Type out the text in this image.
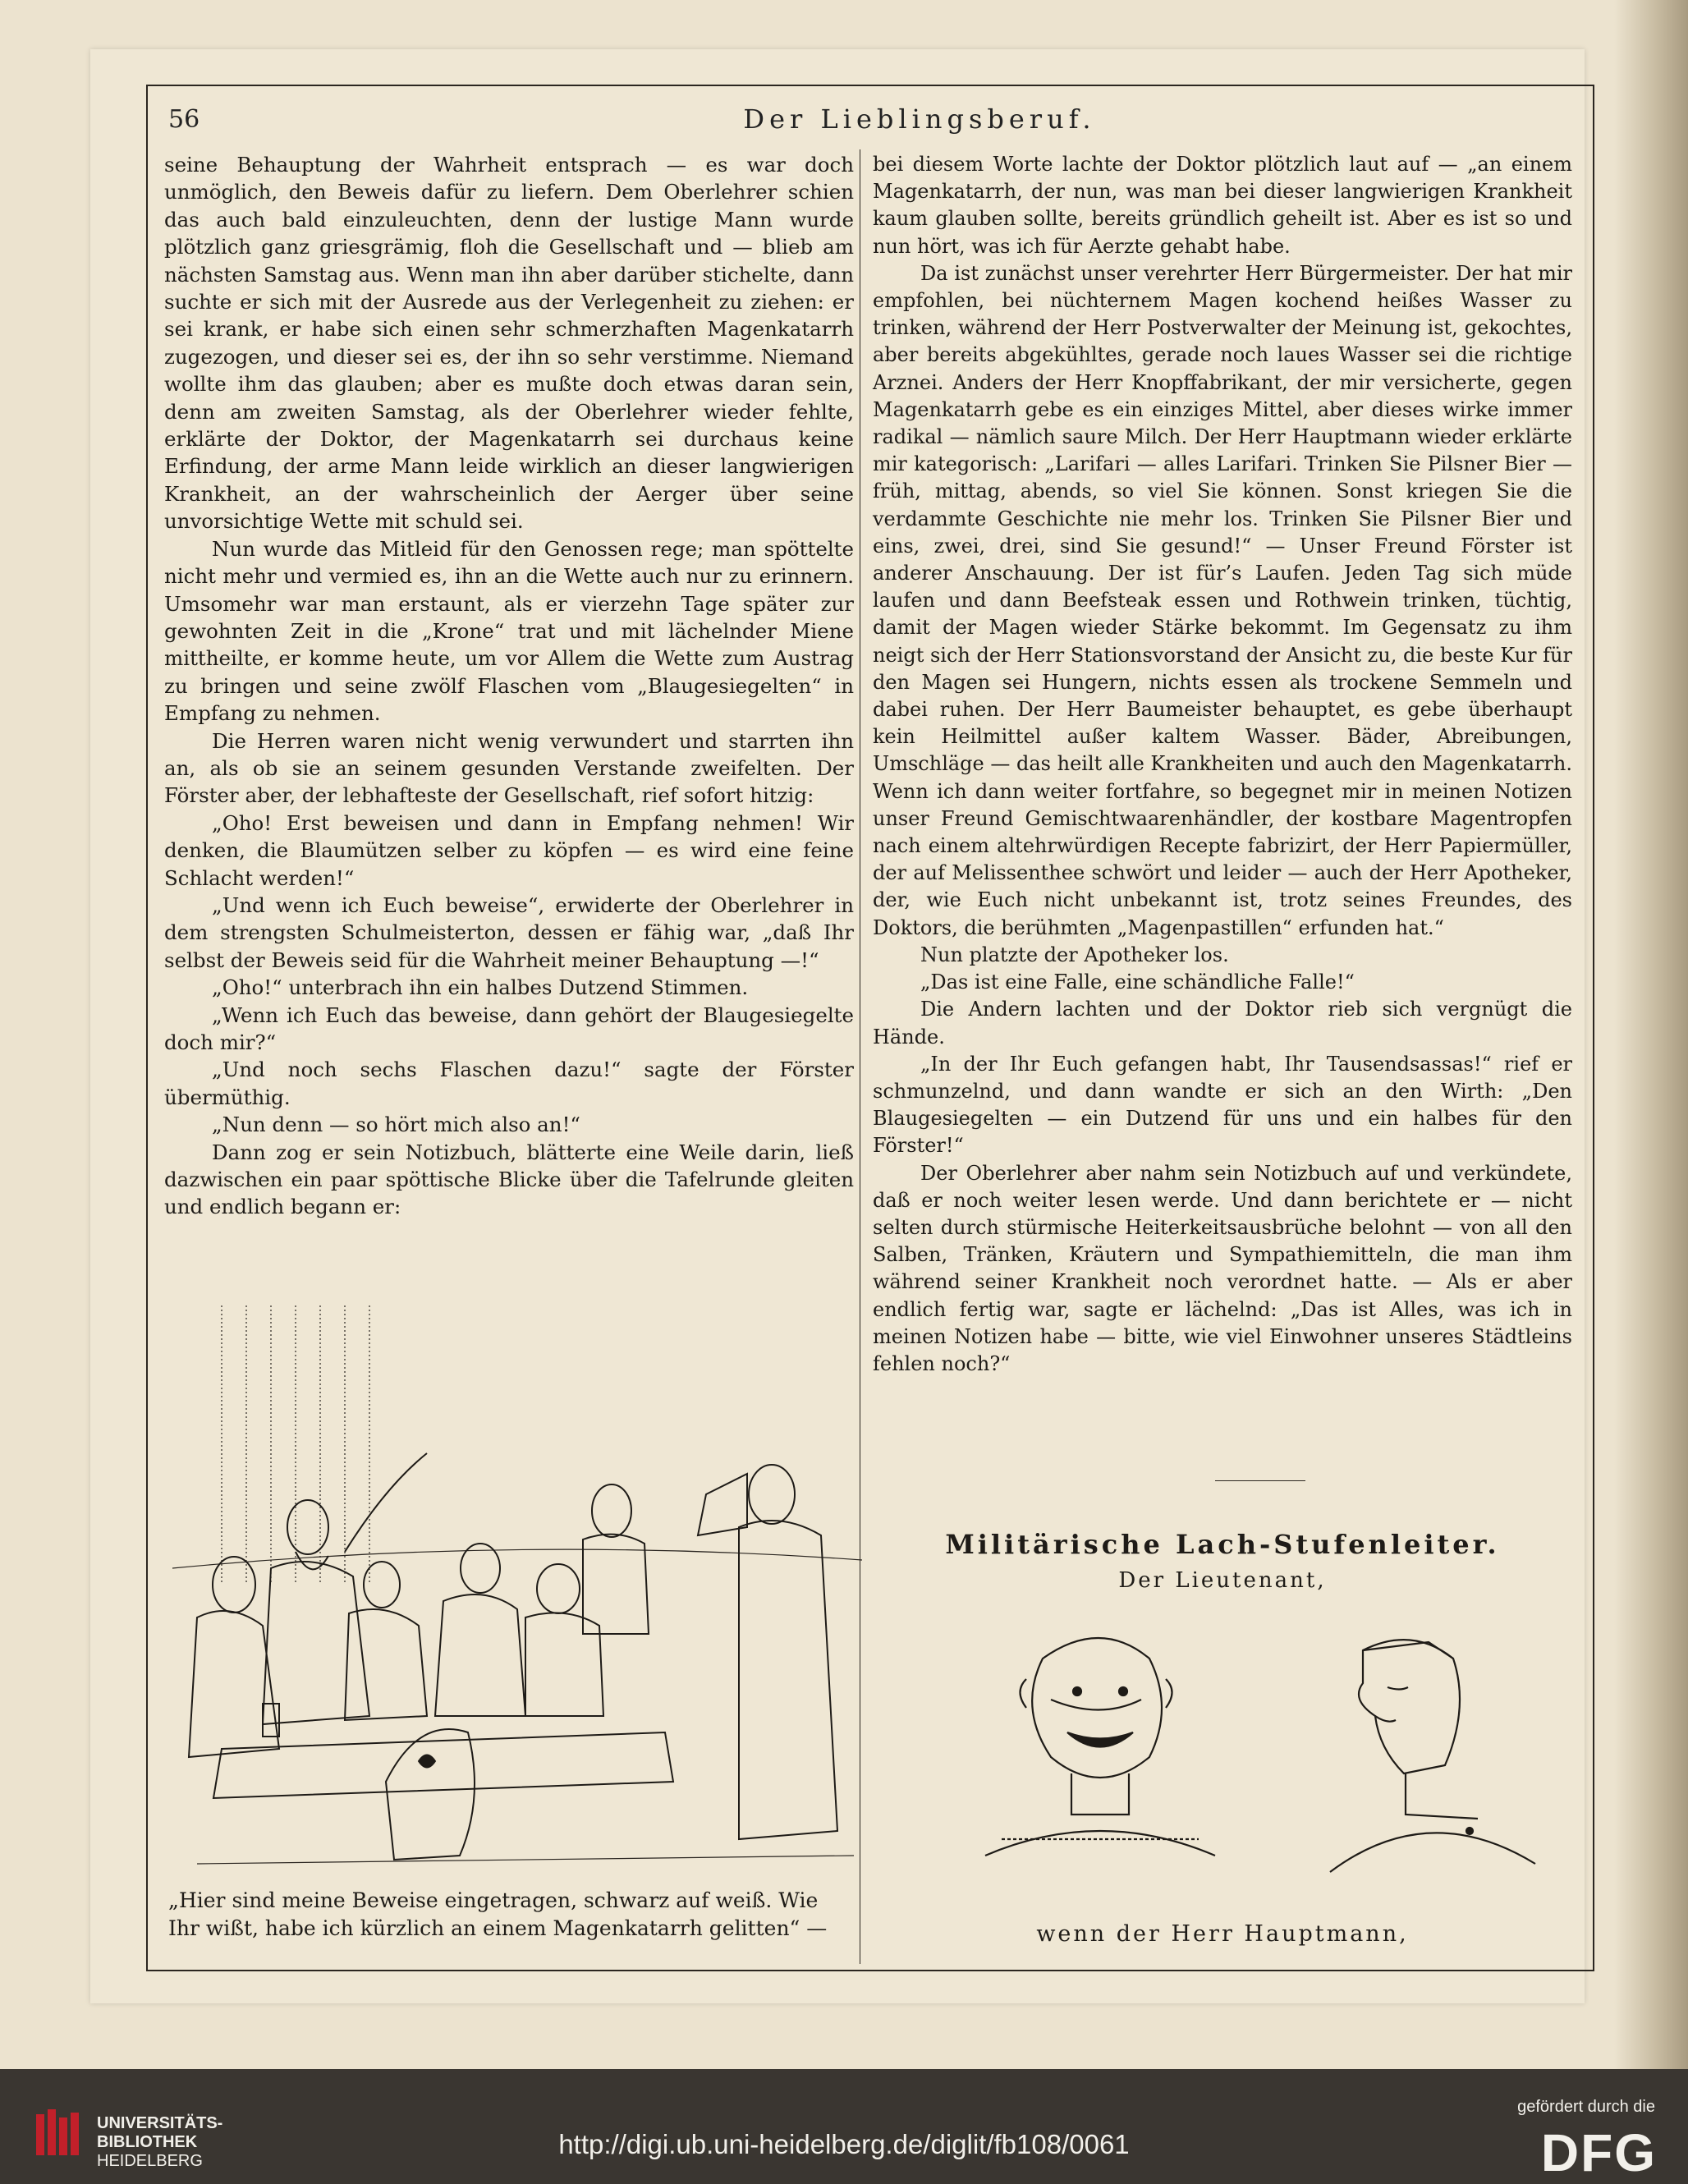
56	Der Lieblingsberuf.

seine Behauptung der Wahrheit entsprach — es war doch unmöglich, den Beweis dafür zu liefern. Dem Oberlehrer schien das auch bald einzuleuchten, denn der lustige Mann wurde plötzlich ganz griesgrämig, floh die Gesellschaft und — blieb am nächsten Samstag aus. Wenn man ihn aber darüber stichelte, dann suchte er sich mit der Ausrede aus der Verlegenheit zu ziehen: er sei krank, er habe sich einen sehr schmerzhaften Magenkatarrh zugezogen, und dieser sei es, der ihn so sehr verstimme. Niemand wollte ihm das glauben; aber es mußte doch etwas daran sein, denn am zweiten Samstag, als der Oberlehrer wieder fehlte, erklärte der Doktor, der Magenkatarrh sei durchaus keine Erfindung, der arme Mann leide wirklich an dieser langwierigen Krankheit, an der wahrscheinlich der Aerger über seine unvorsichtige Wette mit schuld sei.

Nun wurde das Mitleid für den Genossen rege; man spöttelte nicht mehr und vermied es, ihn an die Wette auch nur zu erinnern. Umsomehr war man erstaunt, als er vierzehn Tage später zur gewohnten Zeit in die „Krone“ trat und mit lächelnder Miene mittheilte, er komme heute, um vor Allem die Wette zum Austrag zu bringen und seine zwölf Flaschen vom „Blaugesiegelten“ in Empfang zu nehmen.

Die Herren waren nicht wenig verwundert und starrten ihn an, als ob sie an seinem gesunden Verstande zweifelten. Der Förster aber, der lebhafteste der Gesellschaft, rief sofort hitzig:

„Oho! Erst beweisen und dann in Empfang nehmen! Wir denken, die Blaumützen selber zu köpfen — es wird eine feine Schlacht werden!“

„Und wenn ich Euch beweise“, erwiderte der Oberlehrer in dem strengsten Schulmeisterton, dessen er fähig war, „daß Ihr selbst der Beweis seid für die Wahrheit meiner Behauptung —!“

„Oho!“ unterbrach ihn ein halbes Dutzend Stimmen.

„Wenn ich Euch das beweise, dann gehört der Blaugesiegelte doch mir?“

„Und noch sechs Flaschen dazu!“ sagte der Förster übermüthig.

„Nun denn — so hört mich also an!“

Dann zog er sein Notizbuch, blätterte eine Weile darin, ließ dazwischen ein paar spöttische Blicke über die Tafelrunde gleiten und endlich begann er:

„Hier sind meine Beweise eingetragen, schwarz auf weiß. Wie
Ihr wißt, habe ich kürzlich an einem Magenkatarrh gelitten“ —

bei diesem Worte lachte der Doktor plötzlich laut auf — „an einem Magenkatarrh, der nun, was man bei dieser langwierigen Krankheit kaum glauben sollte, bereits gründlich geheilt ist. Aber es ist so und nun hört, was ich für Aerzte gehabt habe.

Da ist zunächst unser verehrter Herr Bürgermeister. Der hat mir empfohlen, bei nüchternem Magen kochend heißes Wasser zu trinken, während der Herr Postverwalter der Meinung ist, gekochtes, aber bereits abgekühltes, gerade noch laues Wasser sei die richtige Arznei. Anders der Herr Knopffabrikant, der mir versicherte, gegen Magenkatarrh gebe es ein einziges Mittel, aber dieses wirke immer radikal — nämlich saure Milch. Der Herr Hauptmann wieder erklärte mir kategorisch: „Larifari — alles Larifari. Trinken Sie Pilsner Bier — früh, mittag, abends, so viel Sie können. Sonst kriegen Sie die verdammte Geschichte nie mehr los. Trinken Sie Pilsner Bier und eins, zwei, drei, sind Sie gesund!“ — Unser Freund Förster ist anderer Anschauung. Der ist für’s Laufen. Jeden Tag sich müde laufen und dann Beefsteak essen und Rothwein trinken, tüchtig, damit der Magen wieder Stärke bekommt. Im Gegensatz zu ihm neigt sich der Herr Stationsvorstand der Ansicht zu, die beste Kur für den Magen sei Hungern, nichts essen als trockene Semmeln und dabei ruhen. Der Herr Baumeister behauptet, es gebe überhaupt kein Heilmittel außer kaltem Wasser. Bäder, Abreibungen, Umschläge — das heilt alle Krankheiten und auch den Magenkatarrh. Wenn ich dann weiter fortfahre, so begegnet mir in meinen Notizen unser Freund Gemischtwaarenhändler, der kostbare Magentropfen nach einem altehrwürdigen Recepte fabrizirt, der Herr Papiermüller, der auf Melissenthee schwört und leider — auch der Herr Apotheker, der, wie Euch nicht unbekannt ist, trotz seines Freundes, des Doktors, die berühmten „Magenpastillen“ erfunden hat.“

Nun platzte der Apotheker los.

„Das ist eine Falle, eine schändliche Falle!“

Die Andern lachten und der Doktor rieb sich vergnügt die Hände.

„In der Ihr Euch gefangen habt, Ihr Tausendsassas!“ rief er schmunzelnd, und dann wandte er sich an den Wirth: „Den Blaugesiegelten — ein Dutzend für uns und ein halbes für den Förster!“

Der Oberlehrer aber nahm sein Notizbuch auf und verkündete, daß er noch weiter lesen werde. Und dann berichtete er — nicht selten durch stürmische Heiterkeitsausbrüche belohnt — von all den Salben, Tränken, Kräutern und Sympathiemitteln, die man ihm während seiner Krankheit noch verordnet hatte. — Als er aber endlich fertig war, sagte er lächelnd: „Das ist Alles, was ich in meinen Notizen habe — bitte, wie viel Einwohner unseres Städtleins fehlen noch?“

Militärische Lach-Stufenleiter.
Der Lieutenant,
wenn der Herr Hauptmann,
UNIVERSITÄTS-
BIBLIOTHEK
HEIDELBERG
http://digi.ub.uni-heidelberg.de/diglit/fb108/0061
gefördert durch die
DFG
